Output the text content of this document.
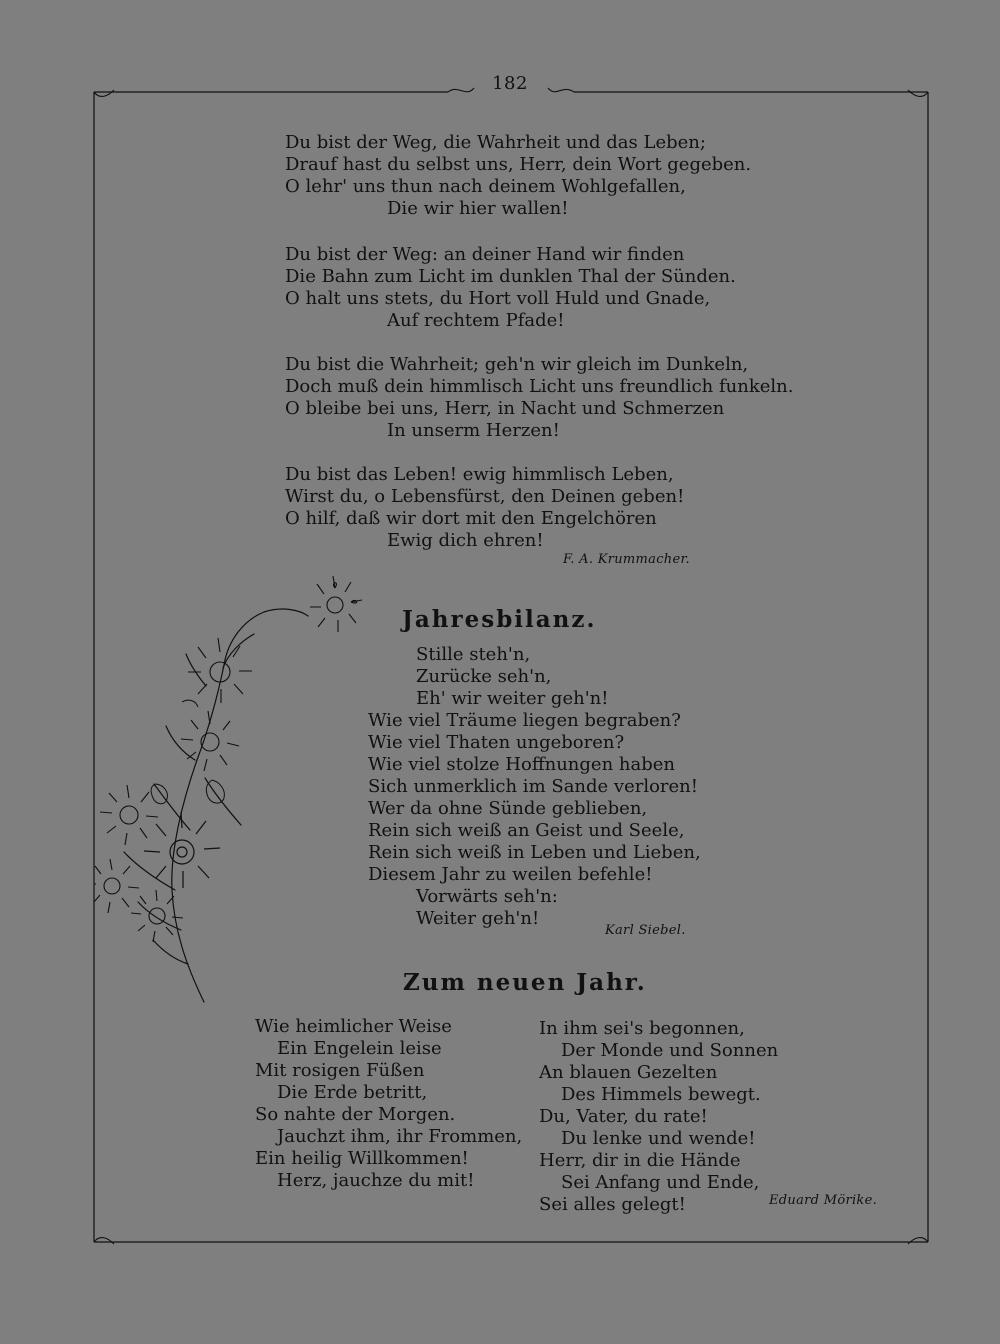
182
Du bist der Weg, die Wahrheit und das Leben;
Drauf hast du selbst uns, Herr, dein Wort gegeben.
O lehr' uns thun nach deinem Wohlgefallen,
Die wir hier wallen!
Du bist der Weg: an deiner Hand wir finden
Die Bahn zum Licht im dunklen Thal der Sünden.
O halt uns stets, du Hort voll Huld und Gnade,
Auf rechtem Pfade!
Du bist die Wahrheit; geh'n wir gleich im Dunkeln,
Doch muß dein himmlisch Licht uns freundlich funkeln.
O bleibe bei uns, Herr, in Nacht und Schmerzen
In unserm Herzen!
Du bist das Leben! ewig himmlisch Leben,
Wirst du, o Lebensfürst, den Deinen geben!
O hilf, daß wir dort mit den Engelchören
Ewig dich ehren!
F. A. Krummacher.
Jahresbilanz.
Stille steh'n,
Zurücke seh'n,
Eh' wir weiter geh'n!
Wie viel Träume liegen begraben?
Wie viel Thaten ungeboren?
Wie viel stolze Hoffnungen haben
Sich unmerklich im Sande verloren!
Wer da ohne Sünde geblieben,
Rein sich weiß an Geist und Seele,
Rein sich weiß in Leben und Lieben,
Diesem Jahr zu weilen befehle!
Vorwärts seh'n:
Weiter geh'n!
Karl Siebel.
Zum neuen Jahr.
Wie heimlicher Weise
Ein Engelein leise
Mit rosigen Füßen
Die Erde betritt,
So nahte der Morgen.
Jauchzt ihm, ihr Frommen,
Ein heilig Willkommen!
Herz, jauchze du mit!
In ihm sei's begonnen,
Der Monde und Sonnen
An blauen Gezelten
Des Himmels bewegt.
Du, Vater, du rate!
Du lenke und wende!
Herr, dir in die Hände
Sei Anfang und Ende,
Sei alles gelegt!	Eduard Mörike.
